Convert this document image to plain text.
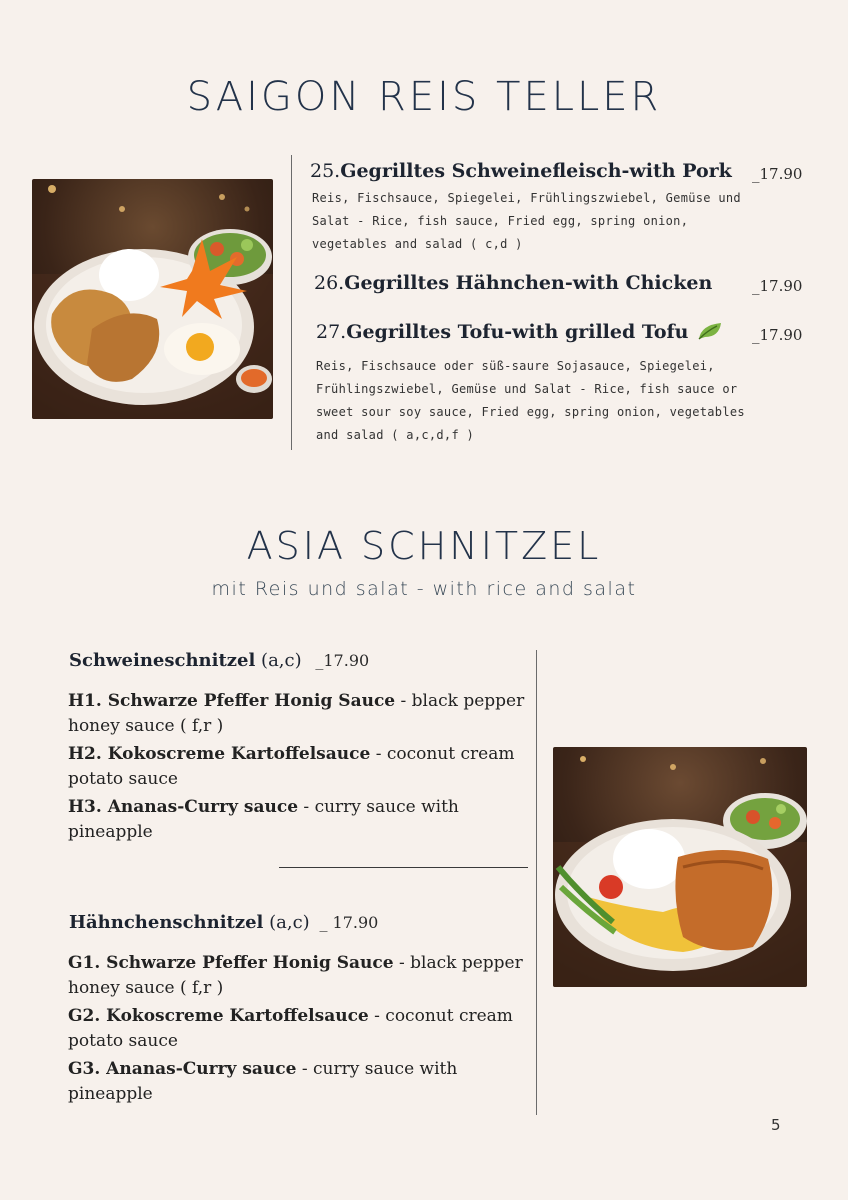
SAIGON REIS TELLER
25.Gegrilltes Schweinefleisch-with Pork _17.90
Reis, Fischsauce, Spiegelei, Frühlingszwiebel, Gemüse und Salat - Rice, fish sauce, Fried egg, spring onion, vegetables and salad ( c,d )
26.Gegrilltes Hähnchen-with Chicken	_17.90
27.Gegrilltes Tofu-with grilled Tofu	_17.90
Reis, Fischsauce oder süß-saure Sojasauce, Spiegelei, Frühlingszwiebel, Gemüse und Salat - Rice, fish sauce or sweet sour soy sauce, Fried egg, spring onion, vegetables and salad ( a,c,d,f )
ASIA SCHNITZEL
mit Reis und salat - with rice and salat
Schweineschnitzel (a,c) _17.90
H1. Schwarze Pfeffer Honig Sauce - black pepper honey sauce ( f,r )
H2. Kokoscreme Kartoffelsauce - coconut cream potato sauce
H3. Ananas-Curry sauce - curry sauce with pineapple
Hähnchenschnitzel (a,c) _ 17.90
G1. Schwarze Pfeffer Honig Sauce - black pepper honey sauce ( f,r )
G2. Kokoscreme Kartoffelsauce - coconut cream potato sauce
G3. Ananas-Curry sauce - curry sauce with pineapple
5
